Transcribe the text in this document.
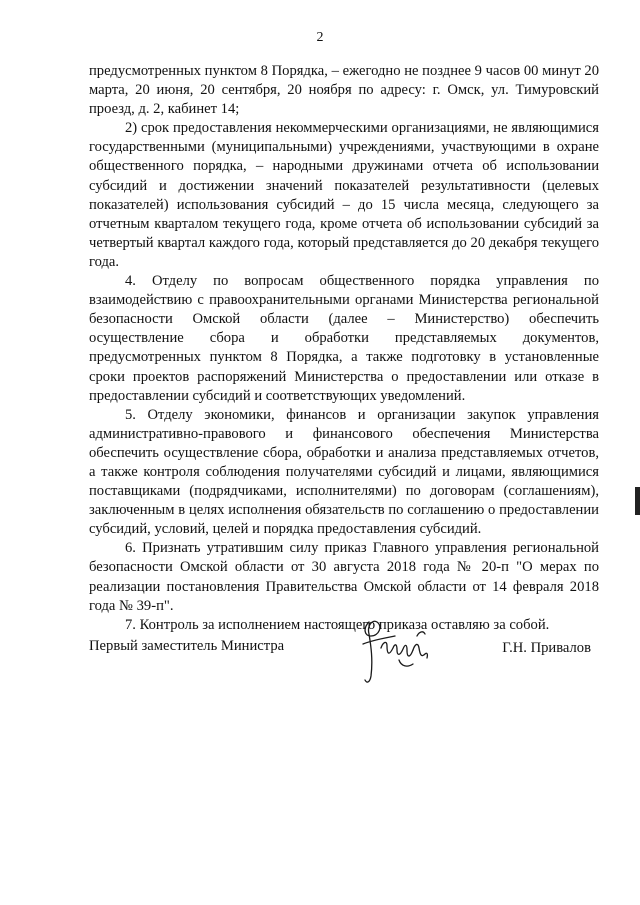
2

предусмотренных пунктом 8 Порядка, – ежегодно не позднее 9 часов 00 минут 20 марта, 20 июня, 20 сентября, 20 ноября по адресу: г. Омск, ул. Тимуровский проезд, д. 2, кабинет 14;

2) срок предоставления некоммерческими организациями, не являющимися государственными (муниципальными) учреждениями, участвующими в охране общественного порядка, – народными дружинами отчета об использовании субсидий и достижении значений показателей результативности (целевых показателей) использования субсидий – до 15 числа месяца, следующего за отчетным кварталом текущего года, кроме отчета об использовании субсидий за четвертый квартал каждого года, который представляется до 20 декабря текущего года.

4. Отделу по вопросам общественного порядка управления по взаимодействию с правоохранительными органами Министерства региональной безопасности Омской области (далее – Министерство) обеспечить осуществление сбора и обработки представляемых документов, предусмотренных пунктом 8 Порядка, а также подготовку в установленные сроки проектов распоряжений Министерства о предоставлении или отказе в предоставлении субсидий и соответствующих уведомлений.

5. Отделу экономики, финансов и организации закупок управления административно-правового и финансового обеспечения Министерства обеспечить осуществление сбора, обработки и анализа представляемых отчетов, а также контроля соблюдения получателями субсидий и лицами, являющимися поставщиками (подрядчиками, исполнителями) по договорам (соглашениям), заключенным в целях исполнения обязательств по соглашению о предоставлении субсидий, условий, целей и порядка предоставления субсидий.

6. Признать утратившим силу приказ Главного управления региональной безопасности Омской области от 30 августа 2018 года № 20-п "О мерах по реализации постановления Правительства Омской области от 14 февраля 2018 года № 39-п".

7. Контроль за исполнением настоящего приказа оставляю за собой.

Первый заместитель Министра	Г.Н. Привалов
